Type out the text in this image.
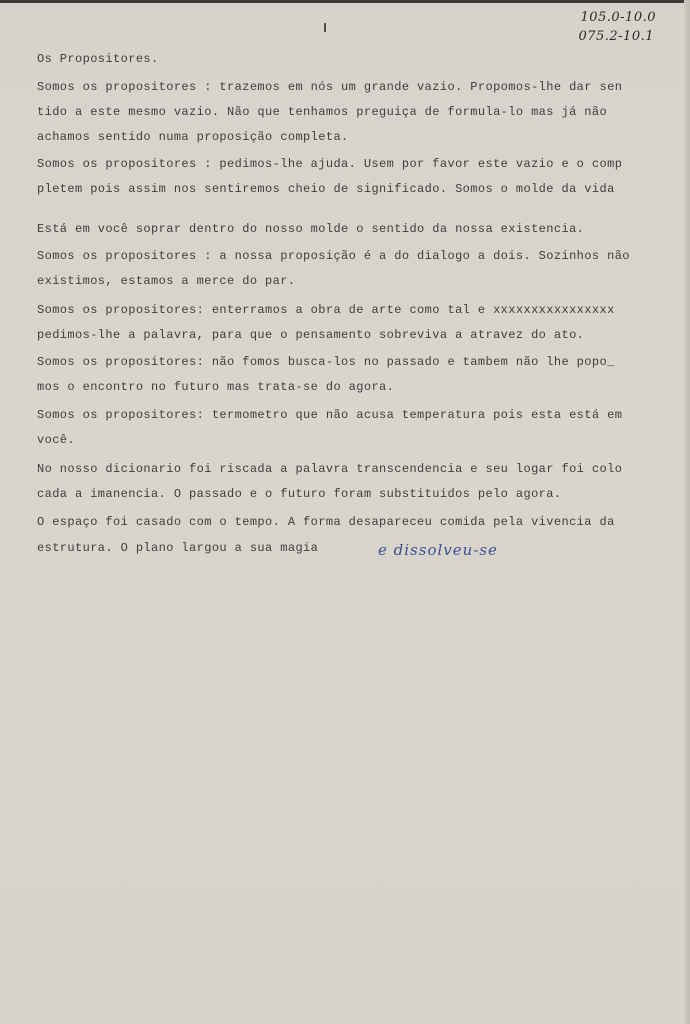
105.0-10.0
075.2-10.1
Os Propositores.
Somos os propositores : trazemos em nós um grande vazio. Propomos-lhe dar sen
tido a este mesmo vazio. Não que tenhamos preguiça de formula-lo mas já não
achamos sentido numa proposição completa.
Somos os propositores : pedimos-lhe ajuda. Usem por favor este vazio e o comp
pletem pois assim nos sentiremos cheio de significado. Somos o molde da vida
Está em você soprar dentro do nosso molde o sentido da nossa existencia.
Somos os propositores : a nossa proposição é a do dialogo a dois. Sozinhos não
existimos, estamos a merce do par.
Somos os propositores: enterramos a obra de arte como tal e xxxxxxxxxxxxxxxx
pedimos-lhe a palavra, para que o pensamento sobreviva a atravez do ato.
Somos os propositores: não fomos busca-los no passado e tambem não lhe popo_
mos o encontro no futuro mas trata-se do agora.
Somos os propositores: termometro que não acusa temperatura pois esta está em
você.
No nosso dicionario foi riscada a palavra transcendencia e seu logar foi colo
cada a imanencia. O passado e o futuro foram substituidos pelo agora.
O espaço foi casado com o tempo. A forma desapareceu comida pela vivencia da
estrutura. O plano largou a sua magia	e dissolveu-se
